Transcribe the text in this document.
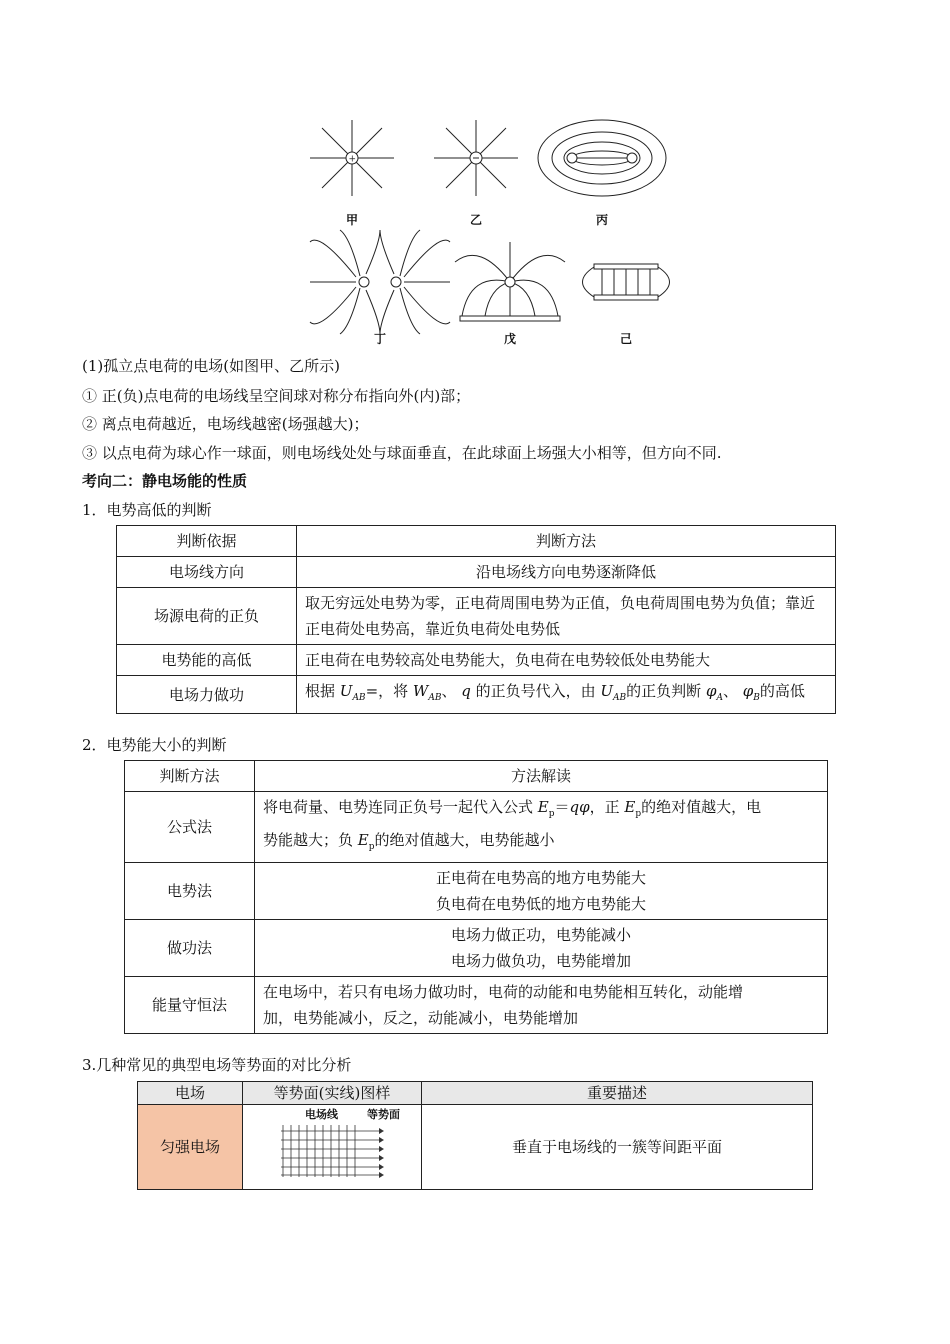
+
甲	乙	丙
丁	戊	己
(1)孤立点电荷的电场(如图甲、乙所示)
① 正(负)点电荷的电场线呈空间球对称分布指向外(内)部；
② 离点电荷越近，电场线越密(场强越大)；
③ 以点电荷为球心作一球面，则电场线处处与球面垂直，在此球面上场强大小相等，但方向不同.
考向二：静电场能的性质
1．电势高低的判断
判断依据	判断方法
电场线方向	沿电场线方向电势逐渐降低
场源电荷的正负	取无穷远处电势为零，正电荷周围电势为正值，负电荷周围电势为负值；靠近正电荷处电势高，靠近负电荷处电势低
电势能的高低	正电荷在电势较高处电势能大，负电荷在电势较低处电势能大
电场力做功	根据 $U_{AB}=$，将 $W_{AB}$、 q 的正负号代入，由 $U_{AB}$的正负判断 $\varphi_A$、 $\varphi_B$的高低
2．电势能大小的判断
判断方法	方法解读
公式法	将电荷量、电势连同正负号一起代入公式 $E_p=q\varphi$，正 $E_p$的绝对值越大，电
势能越大；负 $E_p$的绝对值越大，电势能越小
电势法	正电荷在电势高的地方电势能大
负电荷在电势低的地方电势能大
做功法	电场力做正功，电势能减小
电场力做负功，电势能增加
能量守恒法	在电场中，若只有电场力做功时，电荷的动能和电势能相互转化，动能增
加，电势能减小，反之，动能减小，电势能增加
3.几种常见的典型电场等势面的对比分析
电场	等势面(实线)图样	重要描述
匀强电场	电场线 等势面	垂直于电场线的一簇等间距平面
